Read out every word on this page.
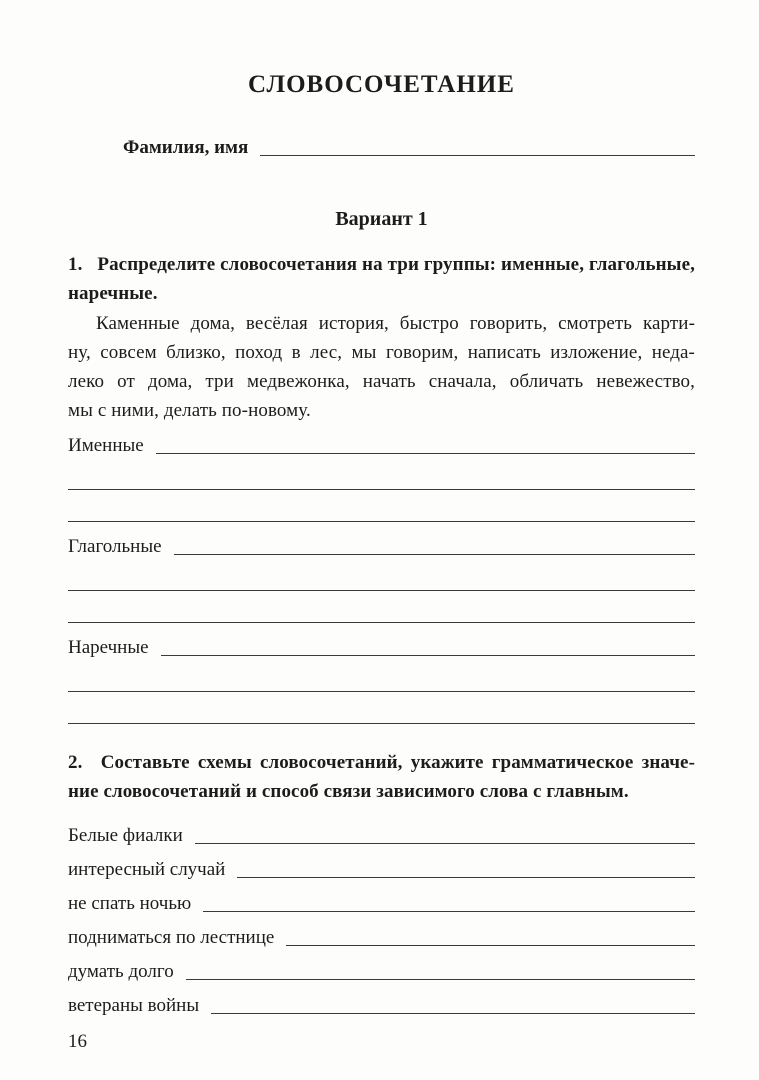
СЛОВОСОЧЕТАНИЕ
Фамилия, имя
Вариант 1
1. Распределите словосочетания на три группы: именные, глагольные,
наречные.
Каменные дома, весёлая история, быстро говорить, смотреть карти-
ну, совсем близко, поход в лес, мы говорим, написать изложение, неда-
леко от дома, три медвежонка, начать сначала, обличать невежество,
мы с ними, делать по-новому.
Именные
Глагольные
Наречные
2. Составьте схемы словосочетаний, укажите грамматическое значе-
ние словосочетаний и способ связи зависимого слова с главным.
Белые фиалки
интересный случай
не спать ночью
подниматься по лестнице
думать долго
ветераны войны
16
